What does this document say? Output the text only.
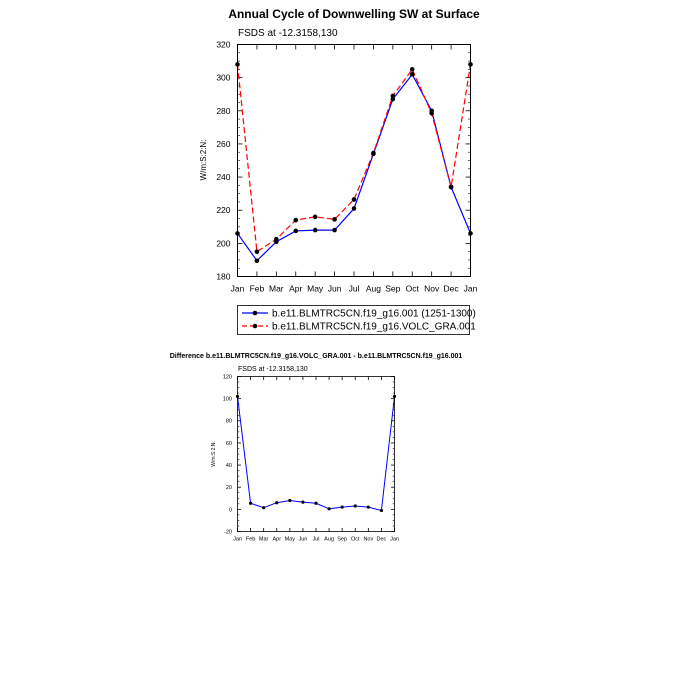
Annual Cycle of Downwelling SW at Surface
FSDS at -12.3158,130
W/m:S:2:N:
180
200
220
240
260
280
300
320
Jan Feb Mar Apr May Jun Jul Aug Sep Oct Nov Dec Jan
b.e11.BLMTRC5CN.f19_g16.001 (1251-1300)
b.e11.BLMTRC5CN.f19_g16.VOLC_GRA.001
Difference b.e11.BLMTRC5CN.f19_g16.VOLC_GRA.001 - b.e11.BLMTRC5CN.f19_g16.001
FSDS at -12.3158,130
W/m:S:2:N:
-20
0
20
40
60
80
100
120
Jan Feb Mar Apr May Jun Jul Aug Sep Oct Nov Dec Jan
